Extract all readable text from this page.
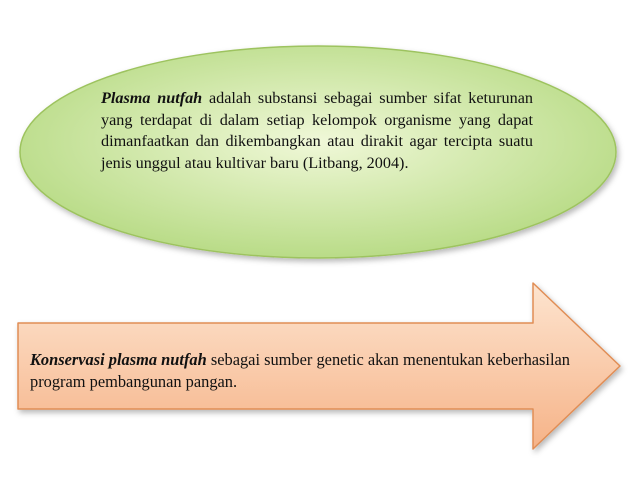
Plasma nutfah adalah substansi sebagai sumber sifat keturunan yang terdapat di dalam setiap kelompok organisme yang dapat dimanfaatkan dan dikembangkan atau dirakit agar tercipta suatu jenis unggul atau kultivar baru (Litbang, 2004).
Konservasi plasma nutfah sebagai sumber genetic akan menentukan keberhasilan program pembangunan pangan.
